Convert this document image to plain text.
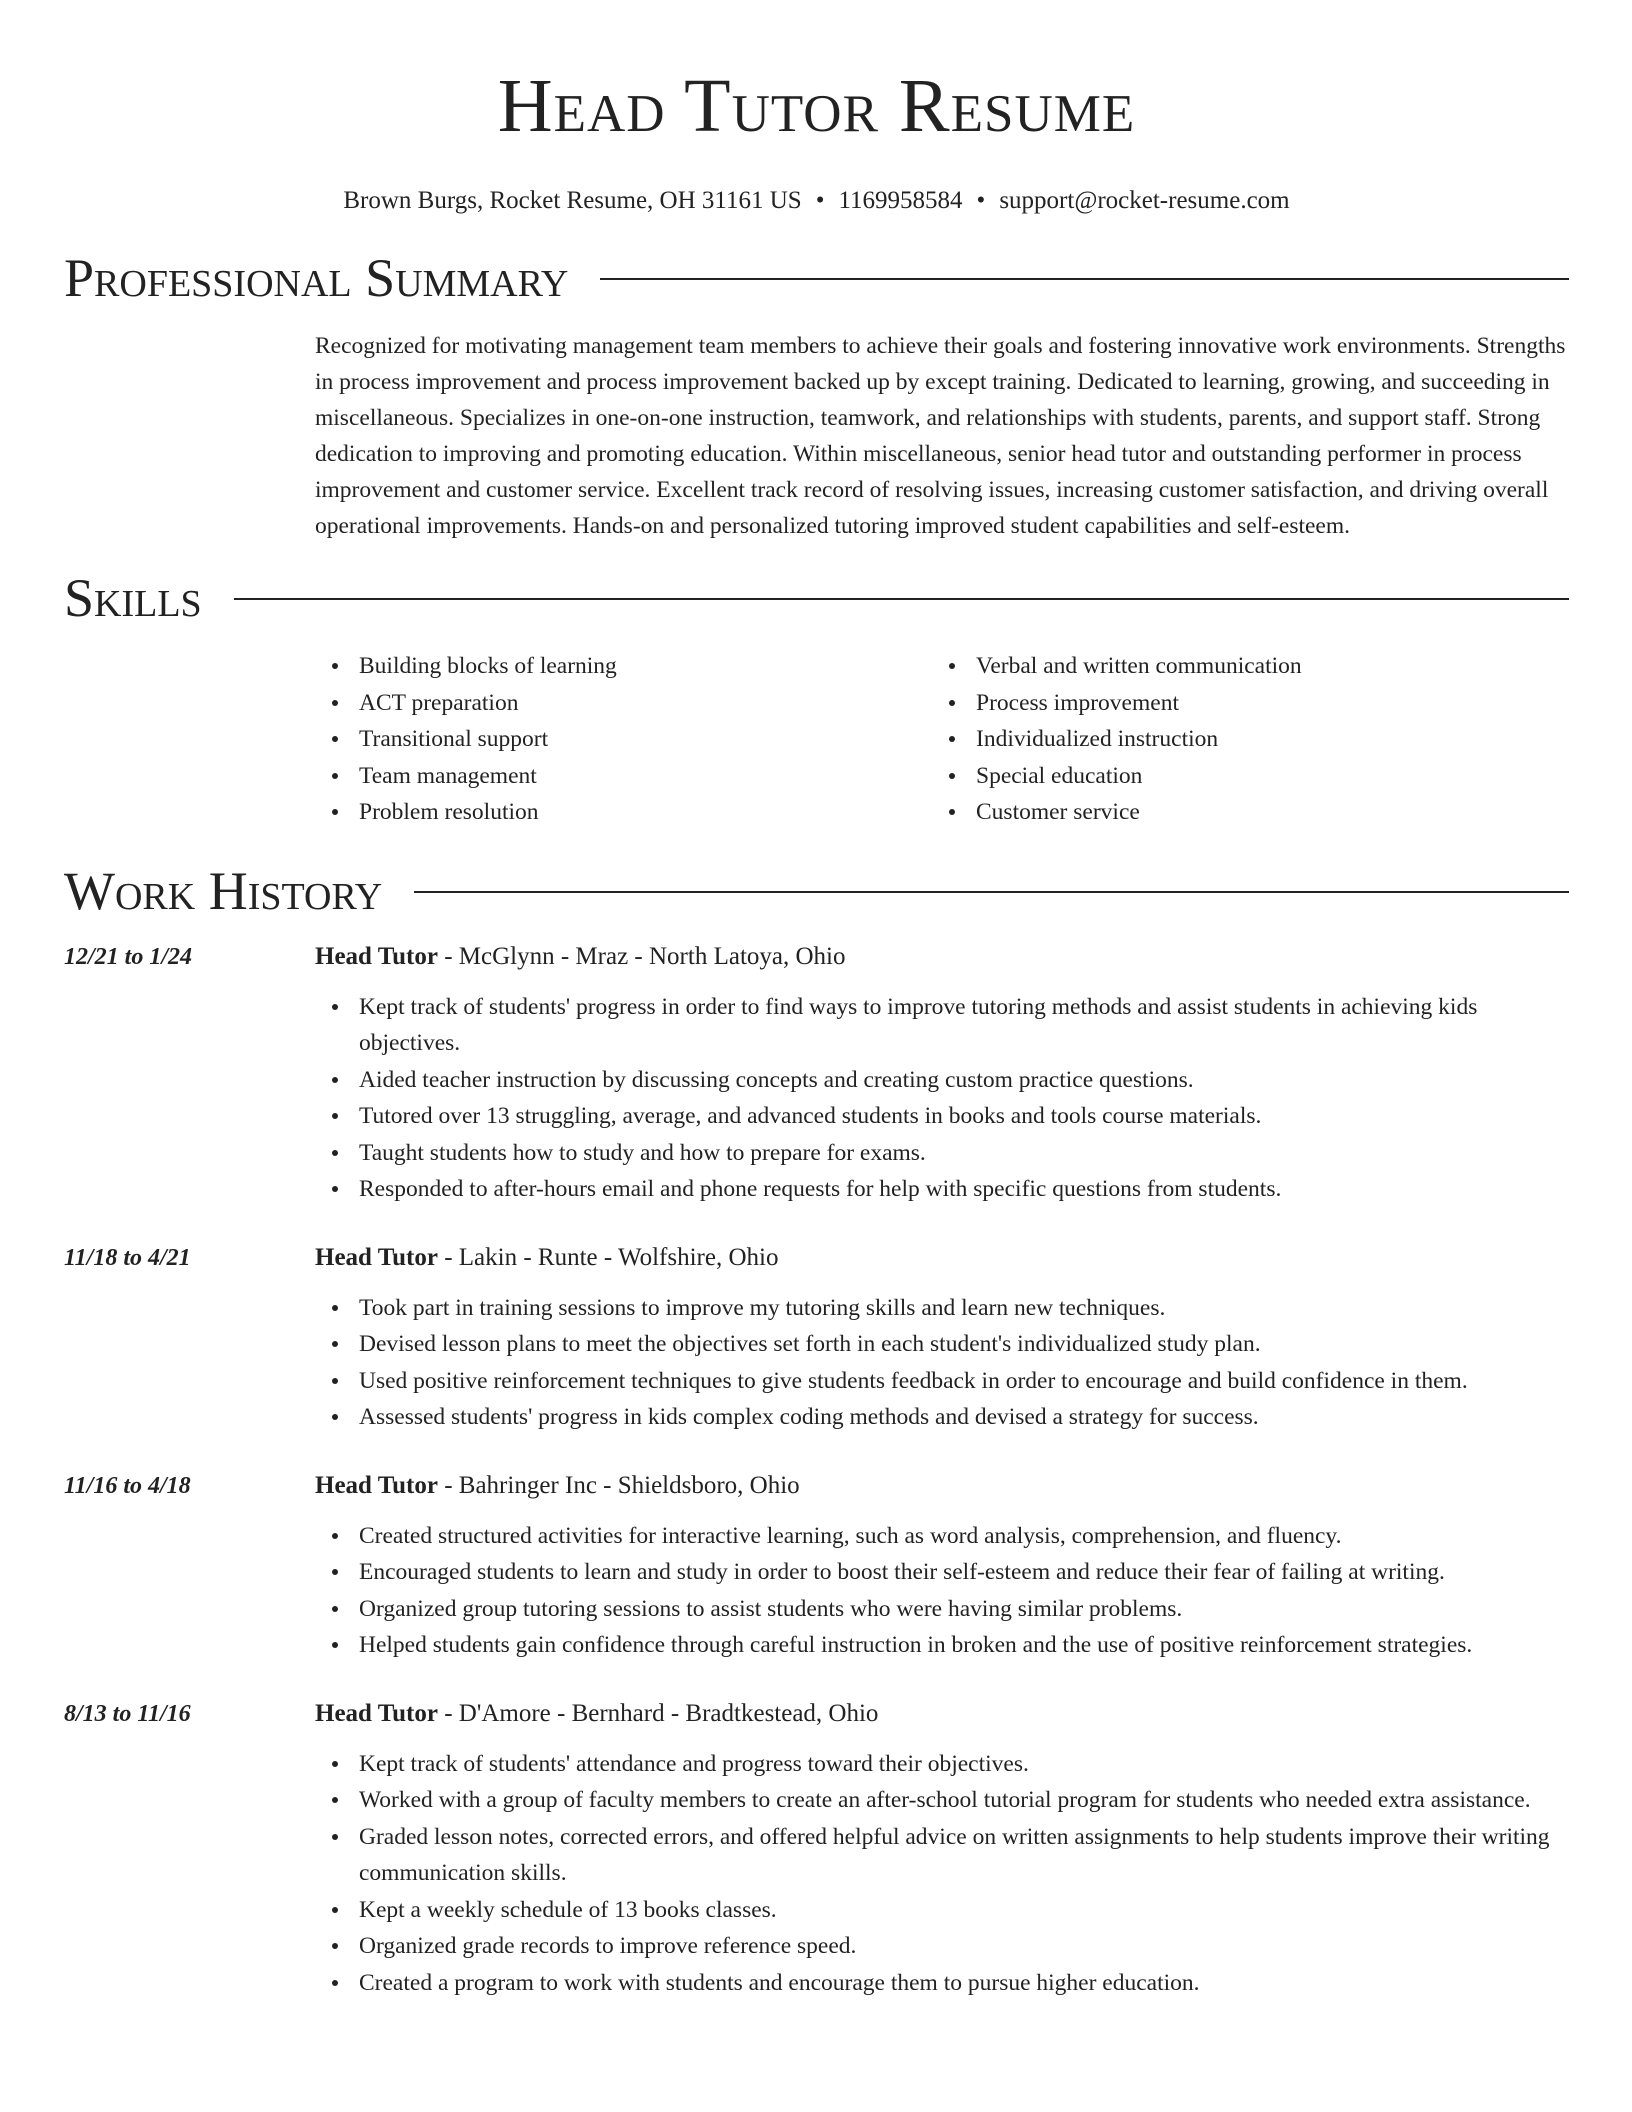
Head Tutor Resume
Brown Burgs, Rocket Resume, OH 31161 US • 1169958584 • support@rocket-resume.com
Professional Summary

Recognized for motivating management team members to achieve their goals and fostering innovative work environments. Strengths in process improvement and process improvement backed up by except training. Dedicated to learning, growing, and succeeding in miscellaneous. Specializes in one-on-one instruction, teamwork, and relationships with students, parents, and support staff. Strong dedication to improving and promoting education. Within miscellaneous, senior head tutor and outstanding performer in process improvement and customer service. Excellent track record of resolving issues, increasing customer satisfaction, and driving overall operational improvements. Hands-on and personalized tutoring improved student capabilities and self-esteem.

Skills
Building blocks of learning
ACT preparation
Transitional support
Team management
Problem resolution
Verbal and written communication
Process improvement
Individualized instruction
Special education
Customer service
Work History
12/21 to 1/24	Head Tutor - McGlynn - Mraz - North Latoya, Ohio
Kept track of students' progress in order to find ways to improve tutoring methods and assist students in achieving kids objectives.
Aided teacher instruction by discussing concepts and creating custom practice questions.
Tutored over 13 struggling, average, and advanced students in books and tools course materials.
Taught students how to study and how to prepare for exams.
Responded to after-hours email and phone requests for help with specific questions from students.
11/18 to 4/21	Head Tutor - Lakin - Runte - Wolfshire, Ohio
Took part in training sessions to improve my tutoring skills and learn new techniques.
Devised lesson plans to meet the objectives set forth in each student's individualized study plan.
Used positive reinforcement techniques to give students feedback in order to encourage and build confidence in them.
Assessed students' progress in kids complex coding methods and devised a strategy for success.
11/16 to 4/18	Head Tutor - Bahringer Inc - Shieldsboro, Ohio
Created structured activities for interactive learning, such as word analysis, comprehension, and fluency.
Encouraged students to learn and study in order to boost their self-esteem and reduce their fear of failing at writing.
Organized group tutoring sessions to assist students who were having similar problems.
Helped students gain confidence through careful instruction in broken and the use of positive reinforcement strategies.
8/13 to 11/16	Head Tutor - D'Amore - Bernhard - Bradtkestead, Ohio
Kept track of students' attendance and progress toward their objectives.
Worked with a group of faculty members to create an after-school tutorial program for students who needed extra assistance.
Graded lesson notes, corrected errors, and offered helpful advice on written assignments to help students improve their writing communication skills.
Kept a weekly schedule of 13 books classes.
Organized grade records to improve reference speed.
Created a program to work with students and encourage them to pursue higher education.
